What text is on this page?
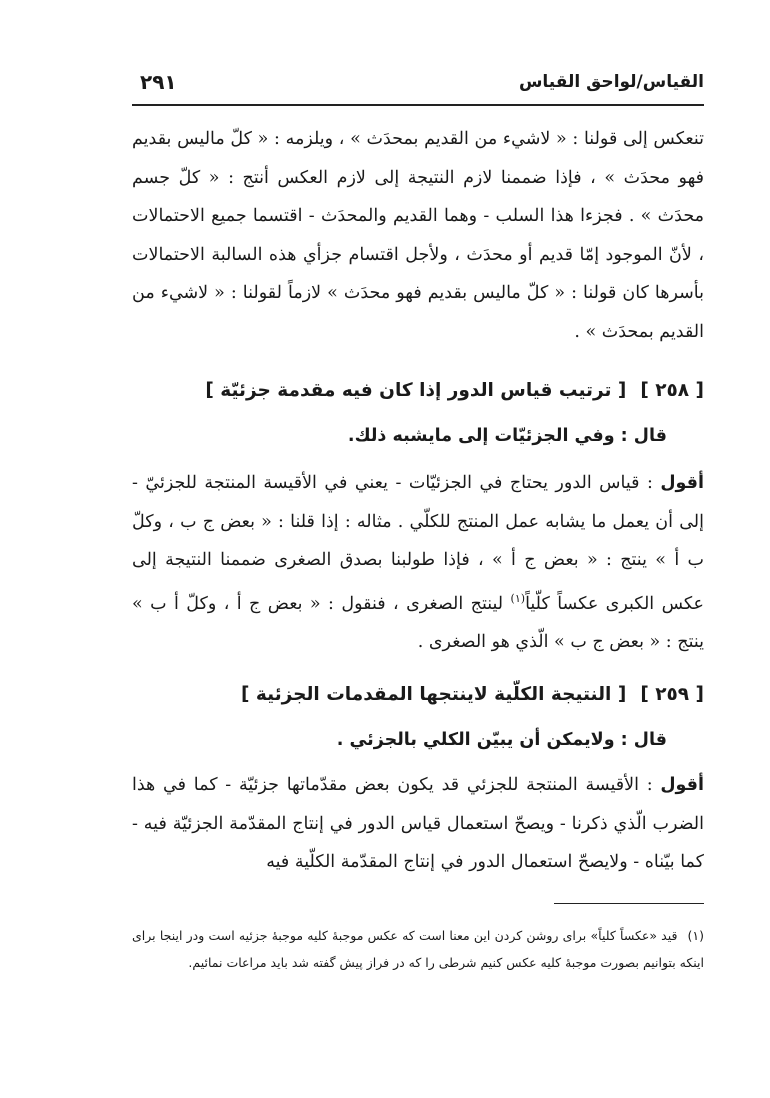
القياس/لواحق القياس
٢٩١
تنعكس إلى قولنا : « لاشيء من القديم بمحدَث » ، ويلزمه : « كلّ ماليس بقديم فهو محدَث » ، فإذا ضممنا لازم النتيجة إلى لازم العكس أنتج : « كلّ جسم محدَث » . فجزءا هذا السلب - وهما القديم والمحدَث - اقتسما جميع الاحتمالات ، لأنّ الموجود إمّا قديم أو محدَث ، ولأجل اقتسام جزأي هذه السالبة الاحتمالات بأسرها كان قولنا : « كلّ ماليس بقديم فهو محدَث » لازماً لقولنا : « لاشيء من القديم بمحدَث » .
[ ٢٥٨ ][ ترتيب قياس الدور إذا كان فيه مقدمة جزئيّة ]
قال : وفي الجزئيّات إلى مايشبه ذلك.
أقول : قياس الدور يحتاج في الجزئيّات - يعني في الأقيسة المنتجة للجزئيّ - إلى أن يعمل ما يشابه عمل المنتج للكلّي . مثاله : إذا قلنا : « بعض ج ب ، وكلّ ب أ » ينتج : « بعض ج أ » ، فإذا طولبنا بصدق الصغرى ضممنا النتيجة إلى عكس الكبرى عكساً كلّياً$^{(١)}$ لينتج الصغرى ، فنقول : « بعض ج أ ، وكلّ أ ب » ينتج : « بعض ج ب » الّذي هو الصغرى .
[ ٢٥٩ ][ النتيجة الكلّية لاينتجها المقدمات الجزئية ]
قال : ولايمكن أن يبيّن الكلي بالجزئي .
أقول : الأقيسة المنتجة للجزئي قد يكون بعض مقدّماتها جزئيّة - كما في هذا الضرب الّذي ذكرنا - ويصحّ استعمال قياس الدور في إنتاج المقدّمة الجزئيّة فيه - كما بيّناه - ولايصحّ استعمال الدور في إنتاج المقدّمة الكلّية فيه
(١)قيد «عكساً كلياً» براى روشن كردن اين معنا است كه عكس موجبهٔ كليه موجبهٔ جزئيه است ودر اينجا براى اينكه بتوانيم بصورت موجبهٔ كليه عكس كنيم شرطى را كه در فراز پيش گفته شد بايد مراعات نمائيم.
